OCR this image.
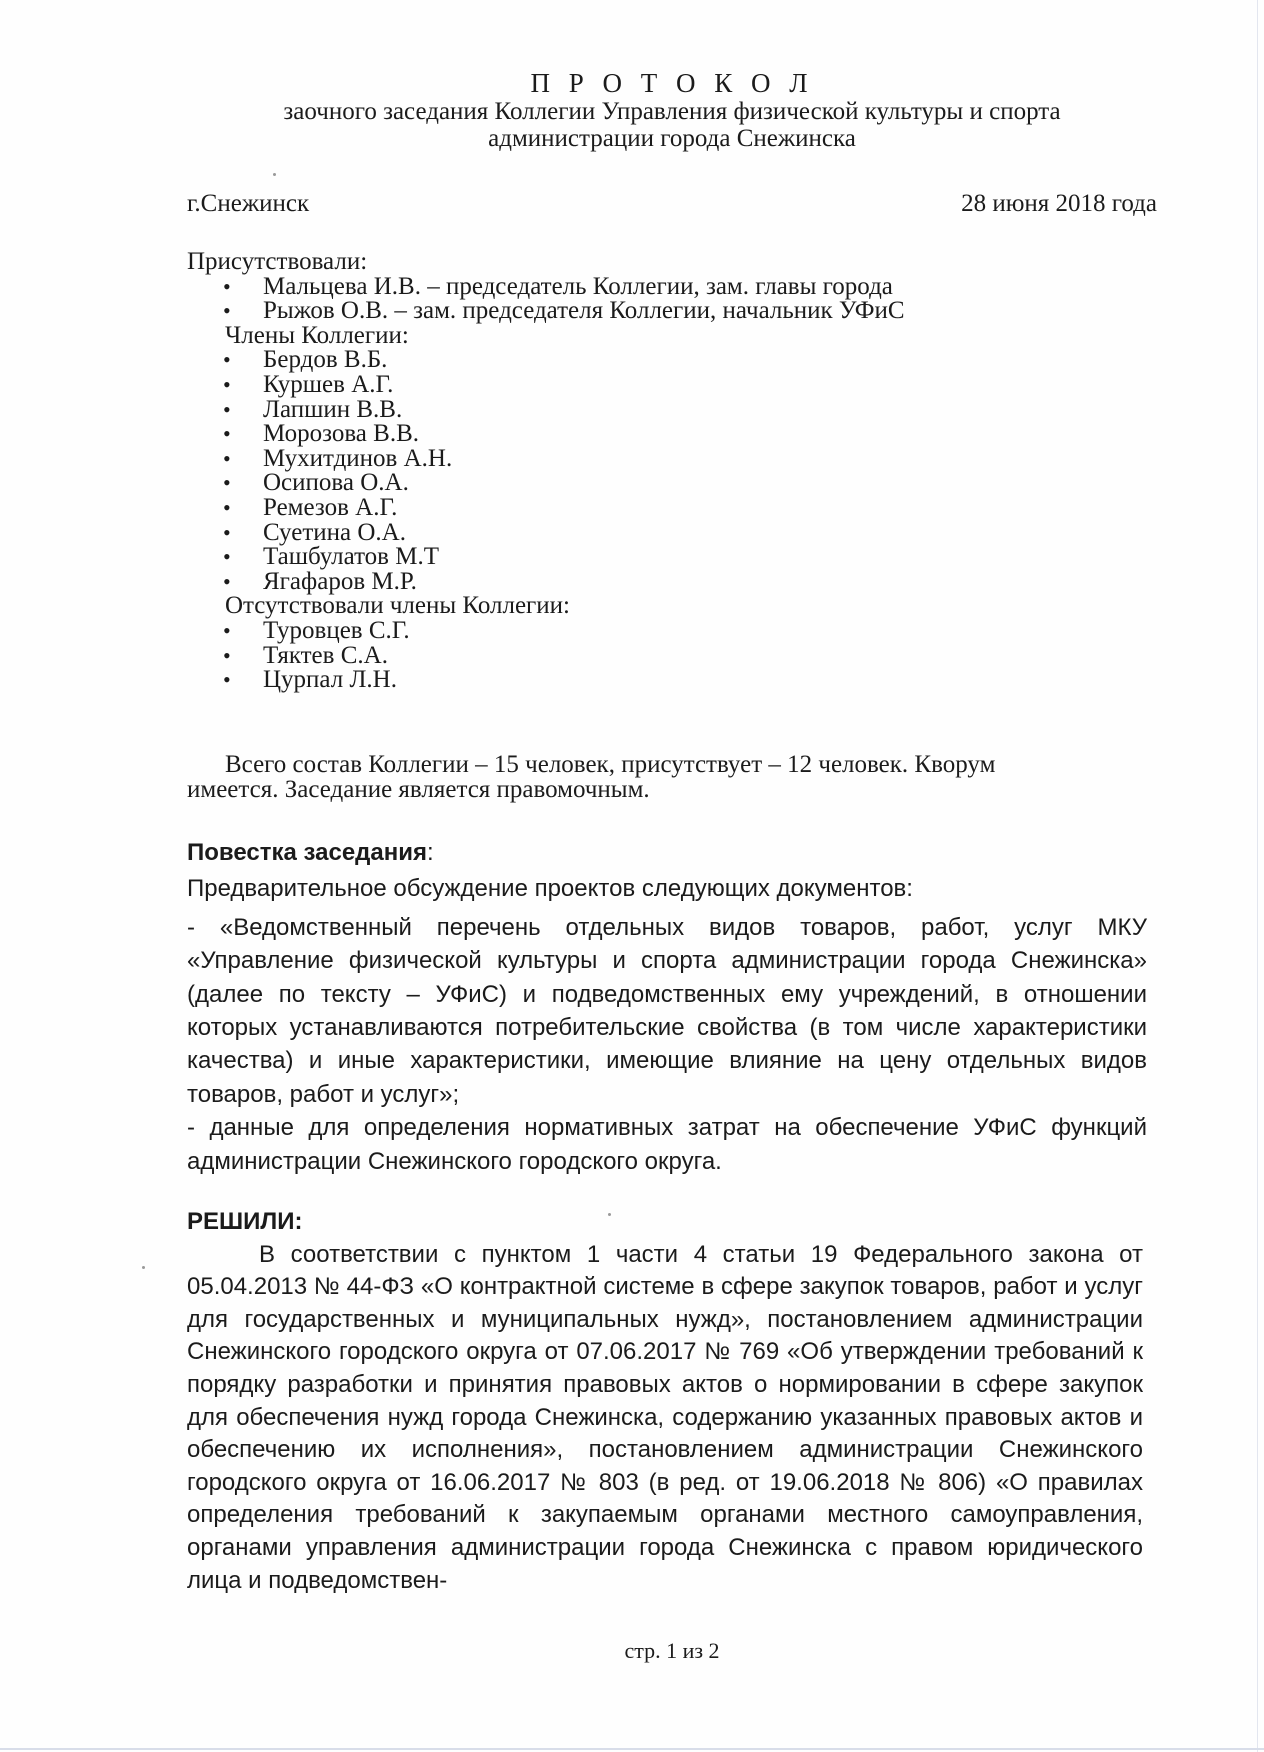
П Р О Т О К О Л
заочного заседания Коллегии Управления физической культуры и спорта
администрации города Снежинска
г.Снежинск	28 июня 2018 года
Присутствовали:
• Мальцева И.В. – председатель Коллегии, зам. главы города
• Рыжов О.В. – зам. председателя Коллегии, начальник УФиС
Члены Коллегии:
• Бердов В.Б.
• Куршев А.Г.
• Лапшин В.В.
• Морозова В.В.
• Мухитдинов А.Н.
• Осипова О.А.
• Ремезов А.Г.
• Суетина О.А.
• Ташбулатов М.Т
• Ягафаров М.Р.
Отсутствовали члены Коллегии:
• Туровцев С.Г.
• Тяктев С.А.
• Цурпал Л.Н.
Всего состав Коллегии – 15 человек, присутствует – 12 человек. Кворум
имеется. Заседание является правомочным.

Повестка заседания:

Предварительное обсуждение проектов следующих документов:

- «Ведомственный перечень отдельных видов товаров, работ, услуг МКУ «Управление физической культуры и спорта администрации города Снежинска» (далее по тексту – УФиС) и подведомственных ему учреждений, в отношении которых устанавливаются потребительские свойства (в том числе характеристики качества) и иные характеристики, имеющие влияние на цену отдельных видов товаров, работ и услуг»;

- данные для определения нормативных затрат на обеспечение УФиС функций администрации Снежинского городского округа.

РЕШИЛИ:

В соответствии с пунктом 1 части 4 статьи 19 Федерального закона от 05.04.2013 № 44-ФЗ «О контрактной системе в сфере закупок товаров, работ и услуг для государственных и муниципальных нужд», постановлением администрации Снежинского городского округа от 07.06.2017 № 769 «Об утверждении требований к порядку разработки и принятия правовых актов о нормировании в сфере закупок для обеспечения нужд города Снежинска, содержанию указанных правовых актов и обеспечению их исполнения», постановлением администрации Снежинского городского округа от 16.06.2017 № 803 (в ред. от 19.06.2018 № 806) «О правилах определения требований к закупаемым органами местного самоуправления, органами управления администрации города Снежинска с правом юридического лица и подведомствен-

стр. 1 из 2
